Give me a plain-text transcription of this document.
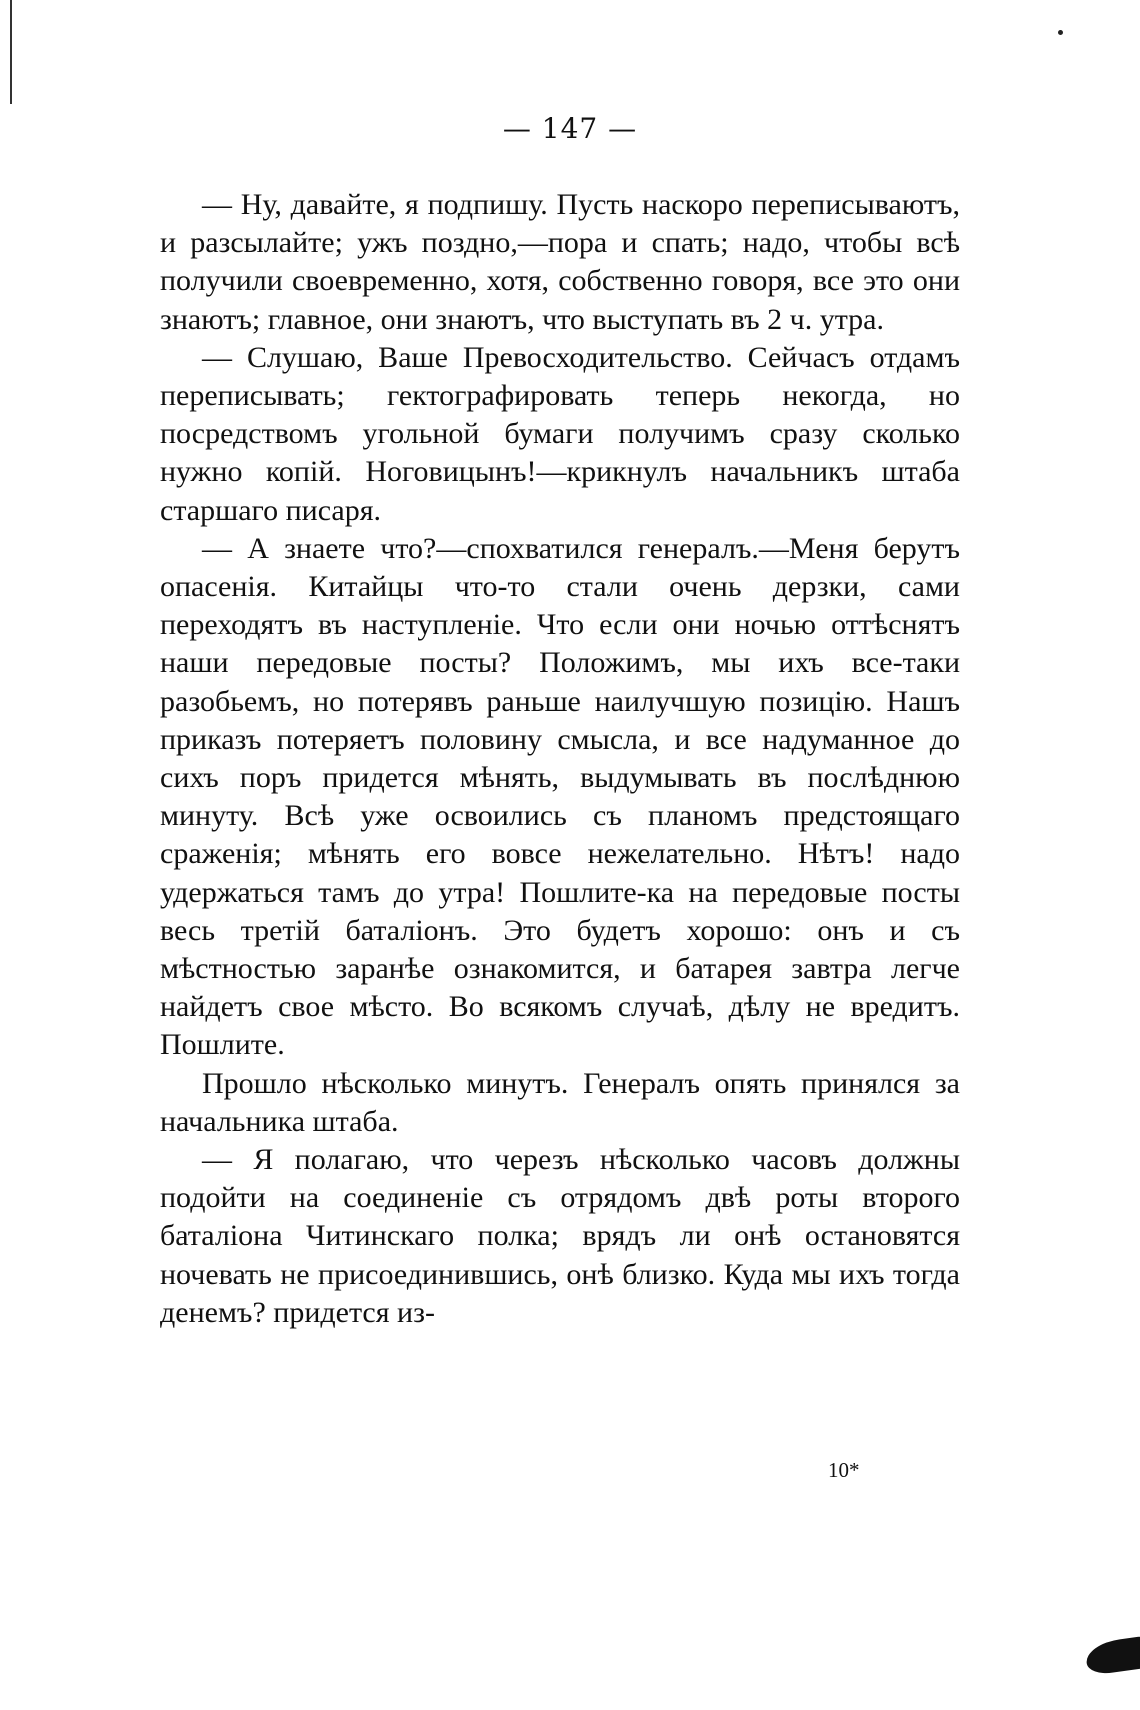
— 147 —

— Ну, давайте, я подпишу. Пусть наскоро переписываютъ, и разсылайте; ужъ поздно,—пора и спать; надо, чтобы всѣ получили своевременно, хотя, собственно говоря, все это они знаютъ; главное, они знаютъ, что выступать въ 2 ч. утра.

— Слушаю, Ваше Превосходительство. Сейчасъ отдамъ переписывать; гектографировать теперь некогда, но посредствомъ угольной бумаги получимъ сразу сколько нужно копій. Ноговицынъ!—крикнулъ начальникъ штаба старшаго писаря.

— А знаете что?—спохватился генералъ.—Меня берутъ опасенія. Китайцы что-то стали очень дерзки, сами переходятъ въ наступленіе. Что если они ночью оттѣснятъ наши передовые посты? Положимъ, мы ихъ все-таки разобьемъ, но потерявъ раньше наилучшую позицію. Нашъ приказъ потеряетъ половину смысла, и все надуманное до сихъ поръ придется мѣнять, выдумывать въ послѣднюю минуту. Всѣ уже освоились съ планомъ предстоящаго сраженія; мѣнять его вовсе нежелательно. Нѣтъ! надо удержаться тамъ до утра! Пошлите-ка на передовые посты весь третій баталіонъ. Это будетъ хорошо: онъ и съ мѣстностью заранѣе ознакомится, и батарея завтра легче найдетъ свое мѣсто. Во всякомъ случаѣ, дѣлу не вредитъ. Пошлите.

Прошло нѣсколько минутъ. Генералъ опять принялся за начальника штаба.

— Я полагаю, что черезъ нѣсколько часовъ должны подойти на соединеніе съ отрядомъ двѣ роты второго баталіона Читинскаго полка; врядъ ли онѣ остановятся ночевать не присоединившись, онѣ близко. Куда мы ихъ тогда денемъ? придется из-

10*
